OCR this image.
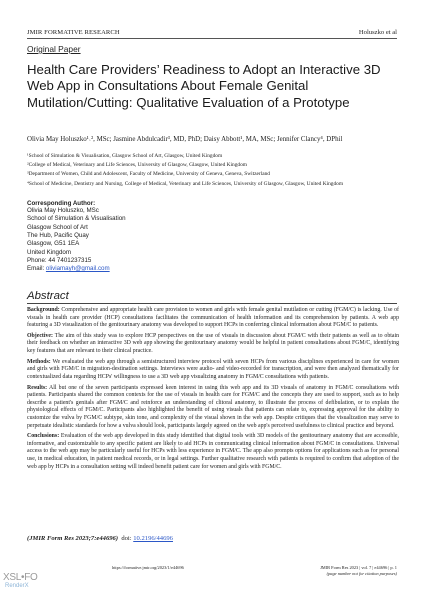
JMIR FORMATIVE RESEARCH	Holuszko et al
Original Paper
Health Care Providers’ Readiness to Adopt an Interactive 3D Web App in Consultations About Female Genital Mutilation/Cutting: Qualitative Evaluation of a Prototype
Olivia May Holuszko¹˒², MSc; Jasmine Abdulcadir³, MD, PhD; Daisy Abbott¹, MA, MSc; Jennifer Clancy⁴, DPhil
¹School of Simulation & Visualisation, Glasgow School of Art, Glasgow, United Kingdom
²College of Medical, Veterinary and Life Sciences, University of Glasgow, Glasgow, United Kingdom
³Department of Women, Child and Adolescent, Faculty of Medicine, University of Geneva, Geneva, Switzerland
⁴School of Medicine, Dentistry and Nursing, College of Medical, Veterinary and Life Sciences, University of Glasgow, Glasgow, United Kingdom
Corresponding Author:
Olivia May Holuszko, MSc
School of Simulation & Visualisation
Glasgow School of Art
The Hub, Pacific Quay
Glasgow, G51 1EA
United Kingdom
Phone: 44 7401237315
Email: oliviamayh@gmail.com
Abstract

Background: Comprehensive and appropriate health care provision to women and girls with female genital mutilation or cutting (FGM/C) is lacking. Use of visuals in health care provider (HCP) consultations facilitates the communication of health information and its comprehension by patients. A web app featuring a 3D visualization of the genitourinary anatomy was developed to support HCPs in conferring clinical information about FGM/C to patients.

Objective: The aim of this study was to explore HCP perspectives on the use of visuals in discussion about FGM/C with their patients as well as to obtain their feedback on whether an interactive 3D web app showing the genitourinary anatomy would be helpful in patient consultations about FGM/C, identifying key features that are relevant to their clinical practice.

Methods: We evaluated the web app through a semistructured interview protocol with seven HCPs from various disciplines experienced in care for women and girls with FGM/C in migration-destination settings. Interviews were audio- and video-recorded for transcription, and were then analyzed thematically for contextualized data regarding HCPs' willingness to use a 3D web app visualizing anatomy in FGM/C consultations with patients.

Results: All but one of the seven participants expressed keen interest in using this web app and its 3D visuals of anatomy in FGM/C consultations with patients. Participants shared the common contexts for the use of visuals in health care for FGM/C and the concepts they are used to support, such as to help describe a patient's genitals after FGM/C and reinforce an understanding of clitoral anatomy, to illustrate the process of defibulation, or to explain the physiological effects of FGM/C. Participants also highlighted the benefit of using visuals that patients can relate to, expressing approval for the ability to customize the vulva by FGM/C subtype, skin tone, and complexity of the visual shown in the web app. Despite critiques that the visualization may serve to perpetuate idealistic standards for how a vulva should look, participants largely agreed on the web app's perceived usefulness to clinical practice and beyond.

Conclusions: Evaluation of the web app developed in this study identified that digital tools with 3D models of the genitourinary anatomy that are accessible, informative, and customizable to any specific patient are likely to aid HCPs in communicating clinical information about FGM/C in consultations. Universal access to the web app may be particularly useful for HCPs with less experience in FGM/C. The app also prompts options for applications such as for personal use, in medical education, in patient medical records, or in legal settings. Further qualitative research with patients is required to confirm that adoption of the web app by HCPs in a consultation setting will indeed benefit patient care for women and girls with FGM/C.

(JMIR Form Res 2023;7:e44696) doi: 10.2196/44696
https://formative.jmir.org/2023/1/e44696	JMIR Form Res 2023 | vol. 7 | e44696 | p. 1
(page number not for citation purposes)
XSL•FO
RenderX
